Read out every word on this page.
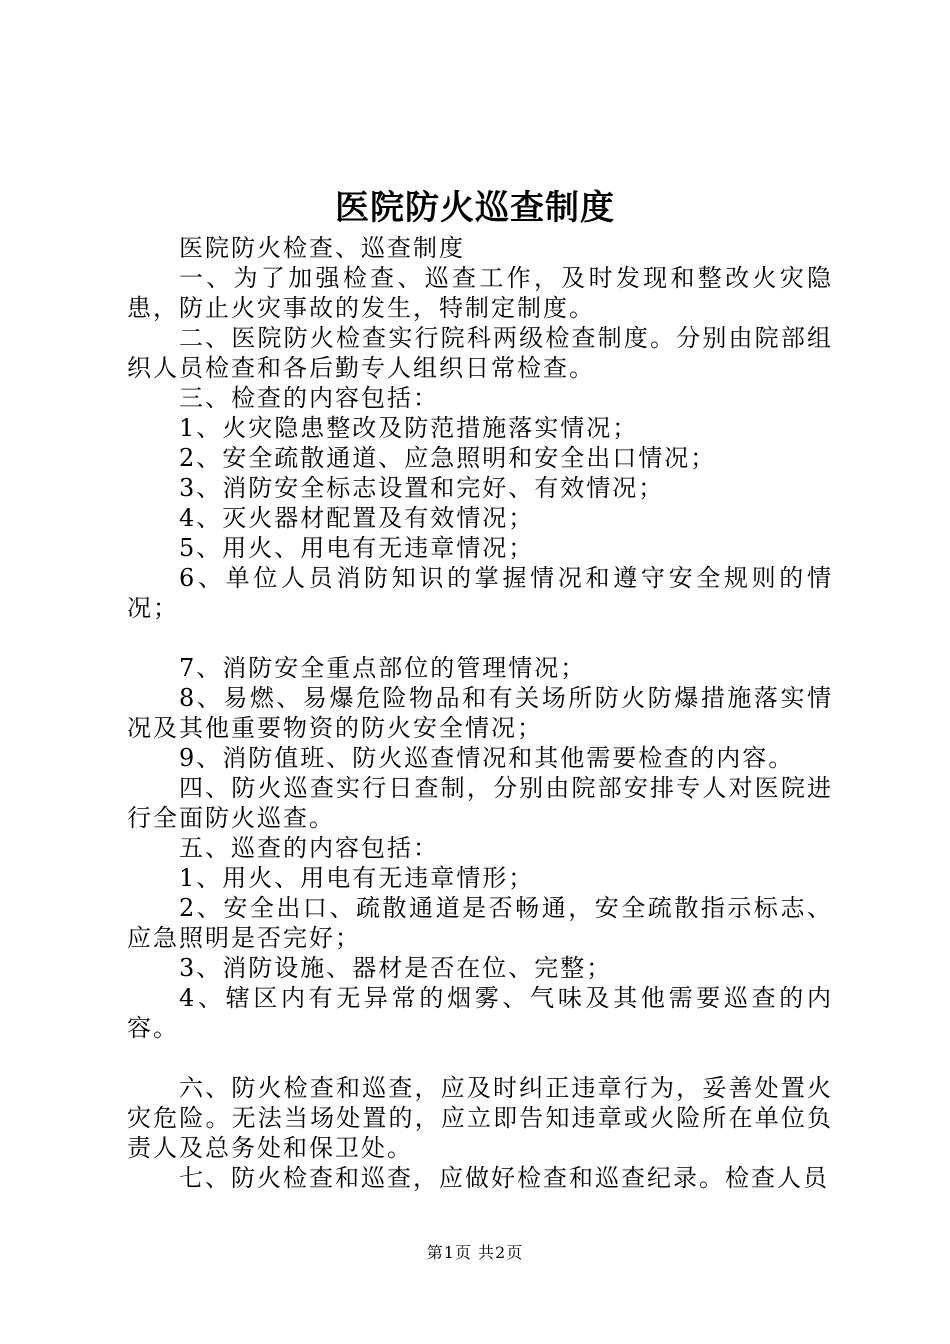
医院防火巡查制度

医院防火检查、巡查制度

一、为了加强检查、巡查工作，及时发现和整改火灾隐患，防止火灾事故的发生，特制定制度。

二、医院防火检查实行院科两级检查制度。分别由院部组织人员检查和各后勤专人组织日常检查。

三、检查的内容包括：

1、火灾隐患整改及防范措施落实情况；

2、安全疏散通道、应急照明和安全出口情况；

3、消防安全标志设置和完好、有效情况；

4、灭火器材配置及有效情况；

5、用火、用电有无违章情况；

6、单位人员消防知识的掌握情况和遵守安全规则的情况；

7、消防安全重点部位的管理情况；

8、易燃、易爆危险物品和有关场所防火防爆措施落实情况及其他重要物资的防火安全情况；

9、消防值班、防火巡查情况和其他需要检查的内容。

四、防火巡查实行日查制，分别由院部安排专人对医院进行全面防火巡查。

五、巡查的内容包括：

1、用火、用电有无违章情形；

2、安全出口、疏散通道是否畅通，安全疏散指示标志、应急照明是否完好；

3、消防设施、器材是否在位、完整；

4、辖区内有无异常的烟雾、气味及其他需要巡查的内容。

六、防火检查和巡查，应及时纠正违章行为，妥善处置火灾危险。无法当场处置的，应立即告知违章或火险所在单位负责人及总务处和保卫处。

七、防火检查和巡查，应做好检查和巡查纪录。检查人员

第1页 共2页
